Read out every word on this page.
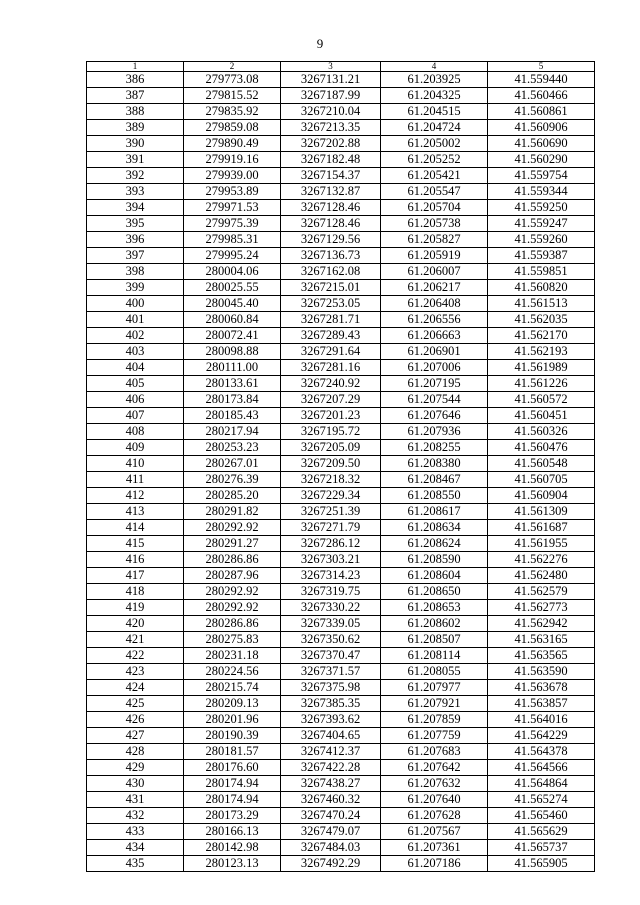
9
1	2	3	4	5
386	279773.08	3267131.21	61.203925	41.559440
387	279815.52	3267187.99	61.204325	41.560466
388	279835.92	3267210.04	61.204515	41.560861
389	279859.08	3267213.35	61.204724	41.560906
390	279890.49	3267202.88	61.205002	41.560690
391	279919.16	3267182.48	61.205252	41.560290
392	279939.00	3267154.37	61.205421	41.559754
393	279953.89	3267132.87	61.205547	41.559344
394	279971.53	3267128.46	61.205704	41.559250
395	279975.39	3267128.46	61.205738	41.559247
396	279985.31	3267129.56	61.205827	41.559260
397	279995.24	3267136.73	61.205919	41.559387
398	280004.06	3267162.08	61.206007	41.559851
399	280025.55	3267215.01	61.206217	41.560820
400	280045.40	3267253.05	61.206408	41.561513
401	280060.84	3267281.71	61.206556	41.562035
402	280072.41	3267289.43	61.206663	41.562170
403	280098.88	3267291.64	61.206901	41.562193
404	280111.00	3267281.16	61.207006	41.561989
405	280133.61	3267240.92	61.207195	41.561226
406	280173.84	3267207.29	61.207544	41.560572
407	280185.43	3267201.23	61.207646	41.560451
408	280217.94	3267195.72	61.207936	41.560326
409	280253.23	3267205.09	61.208255	41.560476
410	280267.01	3267209.50	61.208380	41.560548
411	280276.39	3267218.32	61.208467	41.560705
412	280285.20	3267229.34	61.208550	41.560904
413	280291.82	3267251.39	61.208617	41.561309
414	280292.92	3267271.79	61.208634	41.561687
415	280291.27	3267286.12	61.208624	41.561955
416	280286.86	3267303.21	61.208590	41.562276
417	280287.96	3267314.23	61.208604	41.562480
418	280292.92	3267319.75	61.208650	41.562579
419	280292.92	3267330.22	61.208653	41.562773
420	280286.86	3267339.05	61.208602	41.562942
421	280275.83	3267350.62	61.208507	41.563165
422	280231.18	3267370.47	61.208114	41.563565
423	280224.56	3267371.57	61.208055	41.563590
424	280215.74	3267375.98	61.207977	41.563678
425	280209.13	3267385.35	61.207921	41.563857
426	280201.96	3267393.62	61.207859	41.564016
427	280190.39	3267404.65	61.207759	41.564229
428	280181.57	3267412.37	61.207683	41.564378
429	280176.60	3267422.28	61.207642	41.564566
430	280174.94	3267438.27	61.207632	41.564864
431	280174.94	3267460.32	61.207640	41.565274
432	280173.29	3267470.24	61.207628	41.565460
433	280166.13	3267479.07	61.207567	41.565629
434	280142.98	3267484.03	61.207361	41.565737
435	280123.13	3267492.29	61.207186	41.565905
